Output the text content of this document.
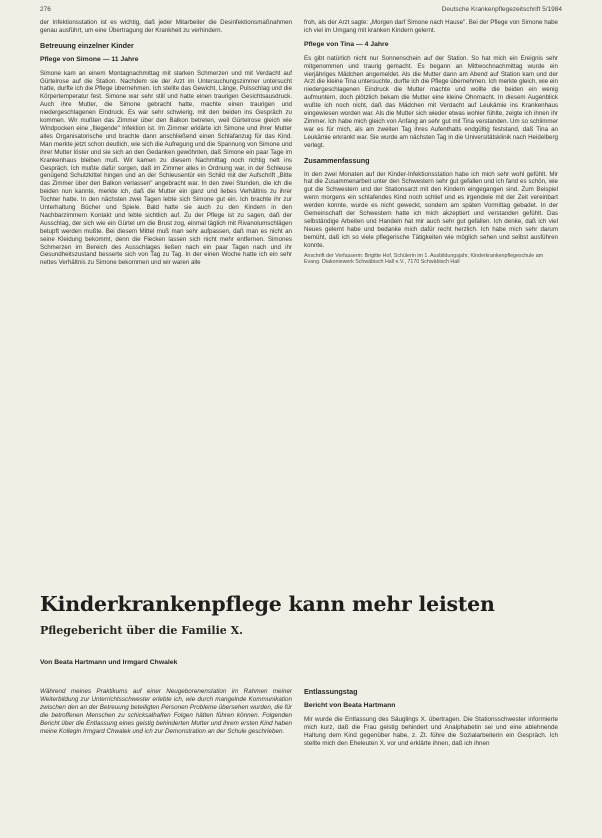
276	Deutsche Krankenpflegezeitschrift 5/1984

der Infektionsstation ist es wichtig, daß jeder Mitarbeiter die Desinfektionsmaßnahmen genau ausführt, um eine Übertragung der Krankheit zu verhindern.

Betreuung einzelner Kinder
Pflege von Simone — 11 Jahre

Simone kam an einem Montagnachmittag mit starken Schmerzen und mit Verdacht auf Gürtelrose auf die Station. Nachdem sie der Arzt im Untersuchungszimmer untersucht hatte, durfte ich die Pflege übernehmen. Ich stellte das Gewicht, Länge, Pulsschlag und die Körpertemperatur fest. Simone war sehr still und hatte einen traurigen Gesichtsausdruck. Auch ihre Mutter, die Simone gebracht hatte, machte einen traurigen und niedergeschlagenen Eindruck. Es war sehr schwierig, mit den beiden ins Gespräch zu kommen. Wir mußten das Zimmer über den Balkon betreten, weil Gürtelrose gleich wie Windpocken eine „fliegende" Infektion ist. Im Zimmer erklärte ich Simone und ihrer Mutter alles Organisatorische und brachte dann anschließend einen Schlafanzug für das Kind. Man merkte jetzt schon deutlich, wie sich die Aufregung und die Spannung von Simone und ihrer Mutter löster und sie sich an den Gedanken gewöhnten, daß Simone ein paar Tage im Krankenhaus bleiben muß. Wir kamen zu diesem Nachmittag noch richtig nett ins Gespräch. Ich mußte dafür sorgen, daß im Zimmer alles in Ordnung war, in der Schleuse genügend Schutzkittel hingen und an der Schleusentür ein Schild mit der Aufschrift „Bitte das Zimmer über den Balkon verlassen" angebracht war. In den zwei Stunden, die ich die beiden nun kannte, merkte ich, daß die Mutter ein ganz und liebes Verhältnis zu ihrer Tochter hatte. In den nächsten zwei Tagen lebte sich Simone gut ein. Ich brachte ihr zur Unterhaltung Bücher und Spiele. Bald hatte sie auch zu den Kindern in den Nachbarzimmern Kontakt und lebte sichtlich auf. Zu der Pflege ist zu sagen, daß der Ausschlag, der sich wie ein Gürtel um die Brust zog, einmal täglich mit Rivanolumschlägen betupft werden mußte. Bei diesem Mittel muß man sehr aufpassen, daß man es nicht an seine Kleidung bekommt, denn die Flecken lassen sich nicht mehr entfernen. Simones Schmerzen im Bereich des Ausschlages ließen nach ein paar Tagen nach und ihr Gesundheitszustand besserte sich von Tag zu Tag. In der einen Woche hatte ich ein sehr nettes Verhältnis zu Simone bekommen und wir waren alle

froh, als der Arzt sagte: „Morgen darf Simone nach Hause". Bei der Pflege von Simone habe ich viel im Umgang mit kranken Kindern gelernt.

Pflege von Tina — 4 Jahre

Es gibt natürlich nicht nur Sonnenschein auf der Station. So hat mich ein Ereignis sehr mitgenommen und traurig gemacht. Es begann an Mittwochnachmittag wurde ein vierjähriges Mädchen angemeldet. Als die Mutter dann am Abend auf Station kam und der Arzt die kleine Tina untersuchte, durfte ich die Pflege übernehmen. Ich merkte gleich, wie ein niedergeschlagenen Eindruck die Mutter machte und wollte die beiden ein wenig aufmuntern, doch plötzlich bekam die Mutter eine kleine Ohnmacht. In diesem Augenblick wußte ich noch nicht, daß das Mädchen mit Verdacht auf Leukämie ins Krankenhaus eingewiesen worden war. Als die Mutter sich wieder etwas wohler fühlte, zeigte ich ihnen ihr Zimmer. Ich habe mich gleich von Anfang an sehr gut mit Tina verstanden. Um so schlimmer war es für mich, als am zweiten Tag ihres Aufenthalts endgültig feststand, daß Tina an Leukämie erkrankt war. Sie wurde am nächsten Tag in die Universitätsklinik nach Heidelberg verlegt.

Zusammenfassung

In den zwei Monaten auf der Kinder-Infektionsstation habe ich mich sehr wohl gefühlt. Mir hat die Zusammenarbeit unter den Schwestern sehr gut gefallen und ich fand es schön, wie gut die Schwestern und der Stationsarzt mit den Kindern eingegangen sind. Zum Beispiel wenn morgens ein schlafendes Kind noch schlief und es irgendwie mit der Zeit vereinbart werden konnte, wurde es nicht geweckt, sondern am späten Vormittag gebadet. In der Gemeinschaft der Schwestern hatte ich mich akzeptiert und verstanden gefühlt. Das selbständige Arbeiten und Handeln hat mir auch sehr gut gefallen. Ich denke, daß ich viel Neues gelernt habe und bedanke mich dafür recht herzlich. Ich habe mich sehr darum bemüht, daß ich so viele pflegerische Tätigkeiten wie möglich sehen und selbst ausführen konnte.

Anschrift der Verfasserin: Brigitte Hof, Schülerin im 1. Ausbildungsjahr, Kinderkrankenpflegeschule am Evang. Diakoniewerk Schwäbisch Hall e.V., 7170 Schwäbisch Hall

Kinderkrankenpflege kann mehr leisten
Pflegebericht über die Familie X.
Von Beata Hartmann und Irmgard Chwalek

Während meines Praktikums auf einer Neugeborenenstation im Rahmen meiner Weiterbildung zur Unterrichtsschwester erlebte ich, wie durch mangelnde Kommunikation zwischen den an der Betreuung beteiligten Personen Probleme übersehen wurden, die für die betroffenen Menschen zu schicksalhaften Folgen hätten führen können. Folgenden Bericht über die Entlassung eines geistig behinderten Mutter und ihrem ersten Kind haben meine Kollegin Irmgard Chwalek und ich zur Demonstration an der Schule geschrieben.

Entlassungstag
Bericht von Beata Hartmann

Mir wurde die Entlassung des Säuglings X. übertragen. Die Stationsschwester informierte mich kurz, daß die Frau geistig behindert und Analphabetin sei und eine ablehnende Haltung dem Kind gegenüber habe, z. Zt. führe die Sozialarbeiterin ein Gespräch. Ich stellte mich den Eheleuten X. vor und erklärte ihnen, daß ich ihnen
